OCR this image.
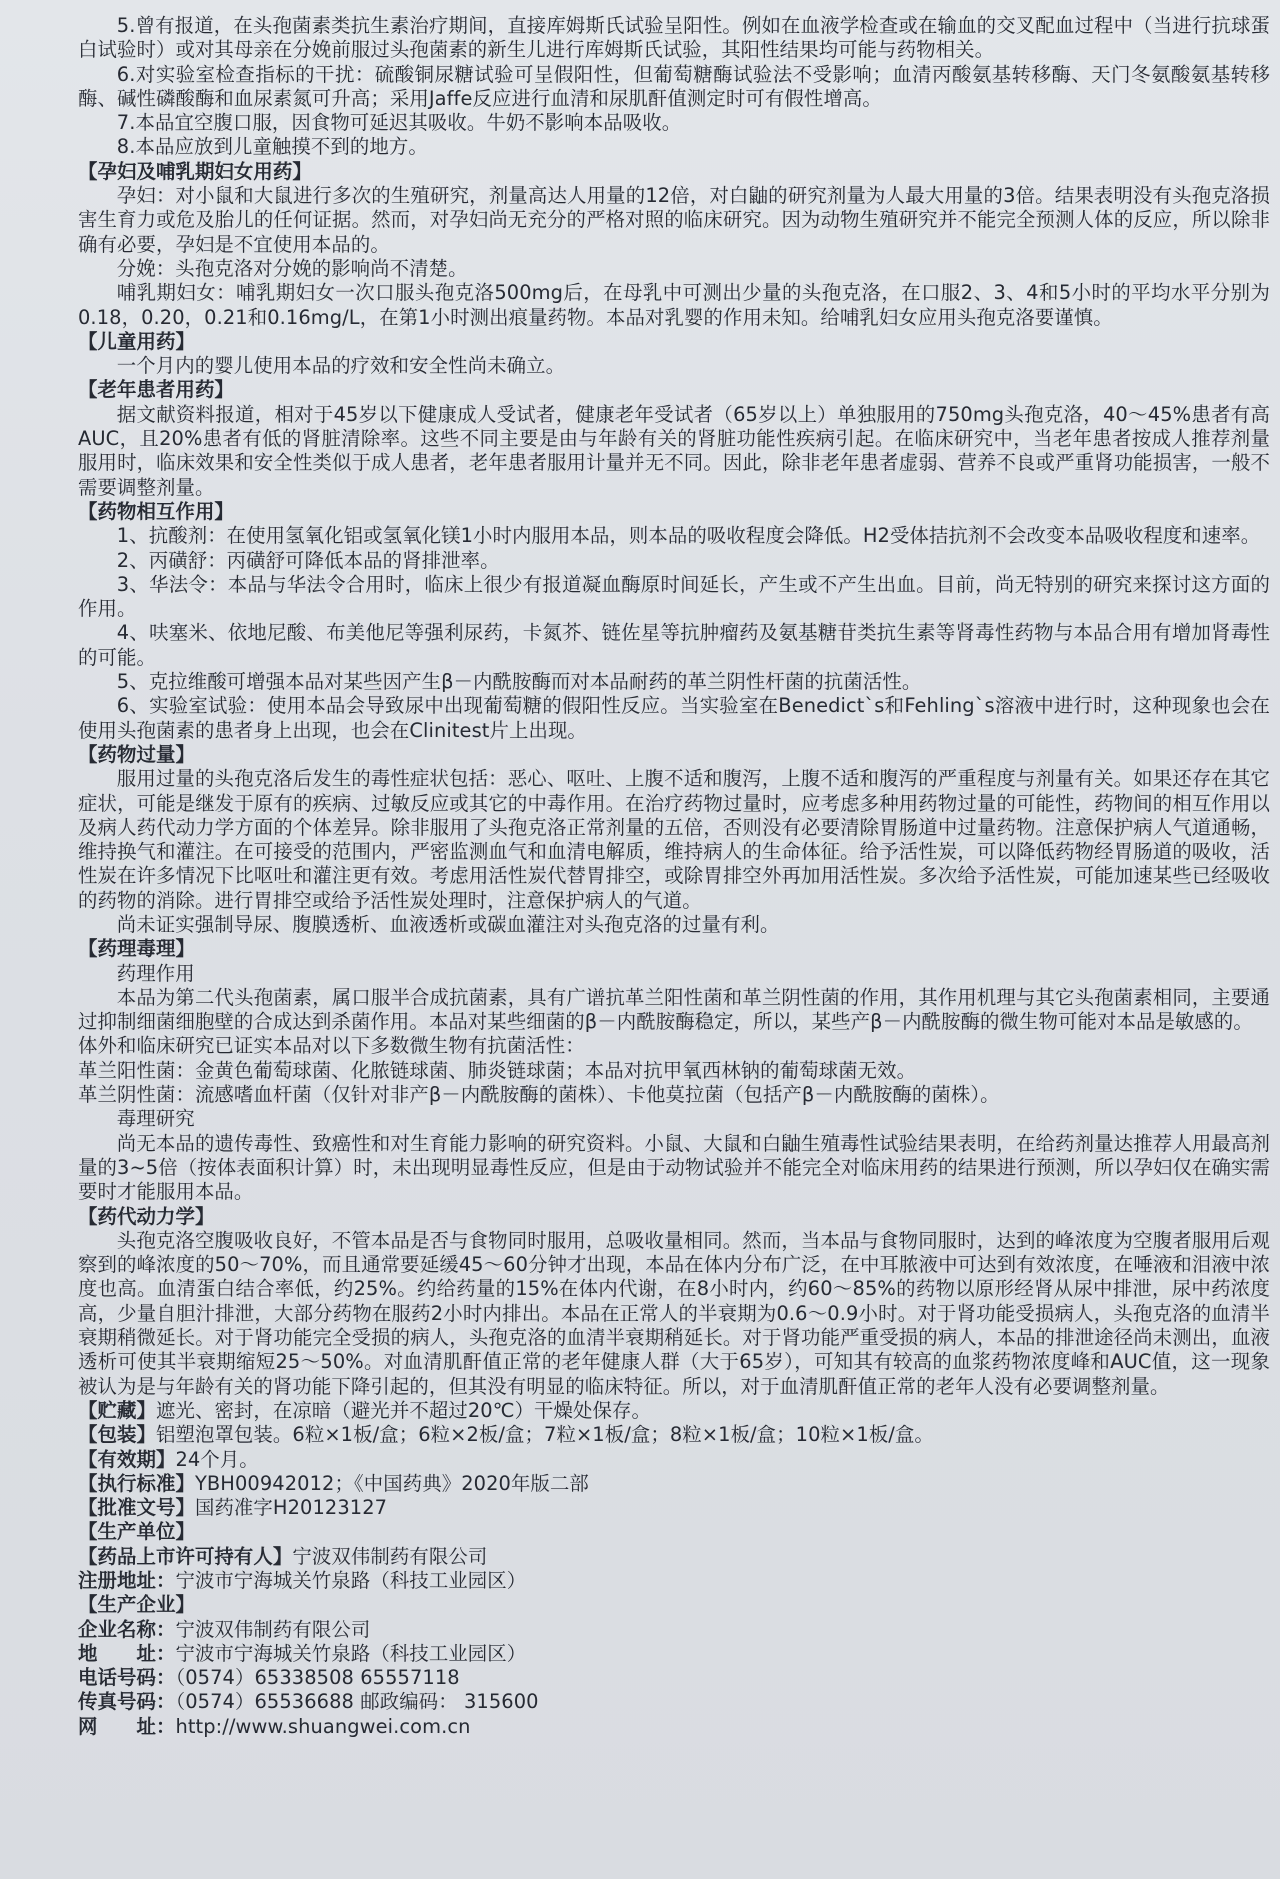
5.曾有报道，在头孢菌素类抗生素治疗期间，直接库姆斯氏试验呈阳性。例如在血液学检查或在输血的交叉配血过程中（当进行抗球蛋白试验时）或对其母亲在分娩前服过头孢菌素的新生儿进行库姆斯氏试验，其阳性结果均可能与药物相关。

6.对实验室检查指标的干扰：硫酸铜尿糖试验可呈假阳性，但葡萄糖酶试验法不受影响；血清丙酸氨基转移酶、天门冬氨酸氨基转移酶、碱性磷酸酶和血尿素氮可升高；采用Jaffe反应进行血清和尿肌酐值测定时可有假性增高。

7.本品宜空腹口服，因食物可延迟其吸收。牛奶不影响本品吸收。

8.本品应放到儿童触摸不到的地方。

【孕妇及哺乳期妇女用药】

孕妇：对小鼠和大鼠进行多次的生殖研究，剂量高达人用量的12倍，对白鼬的研究剂量为人最大用量的3倍。结果表明没有头孢克洛损害生育力或危及胎儿的任何证据。然而，对孕妇尚无充分的严格对照的临床研究。因为动物生殖研究并不能完全预测人体的反应，所以除非确有必要，孕妇是不宜使用本品的。

分娩：头孢克洛对分娩的影响尚不清楚。

哺乳期妇女：哺乳期妇女一次口服头孢克洛500mg后，在母乳中可测出少量的头孢克洛，在口服2、3、4和5小时的平均水平分别为0.18，0.20，0.21和0.16mg/L，在第1小时测出痕量药物。本品对乳婴的作用未知。给哺乳妇女应用头孢克洛要谨慎。

【儿童用药】

一个月内的婴儿使用本品的疗效和安全性尚未确立。

【老年患者用药】

据文献资料报道，相对于45岁以下健康成人受试者，健康老年受试者（65岁以上）单独服用的750mg头孢克洛，40～45%患者有高AUC，且20%患者有低的肾脏清除率。这些不同主要是由与年龄有关的肾脏功能性疾病引起。在临床研究中，当老年患者按成人推荐剂量服用时，临床效果和安全性类似于成人患者，老年患者服用计量并无不同。因此，除非老年患者虚弱、营养不良或严重肾功能损害，一般不需要调整剂量。

【药物相互作用】

1、抗酸剂：在使用氢氧化铝或氢氧化镁1小时内服用本品，则本品的吸收程度会降低。H2受体拮抗剂不会改变本品吸收程度和速率。

2、丙磺舒：丙磺舒可降低本品的肾排泄率。

3、华法令：本品与华法令合用时，临床上很少有报道凝血酶原时间延长，产生或不产生出血。目前，尚无特别的研究来探讨这方面的作用。

4、呋塞米、依地尼酸、布美他尼等强利尿药，卡氮芥、链佐星等抗肿瘤药及氨基糖苷类抗生素等肾毒性药物与本品合用有增加肾毒性的可能。

5、克拉维酸可增强本品对某些因产生β－内酰胺酶而对本品耐药的革兰阴性杆菌的抗菌活性。

6、实验室试验：使用本品会导致尿中出现葡萄糖的假阳性反应。当实验室在Benedict`s和Fehling`s溶液中进行时，这种现象也会在使用头孢菌素的患者身上出现，也会在Clinitest片上出现。

【药物过量】

服用过量的头孢克洛后发生的毒性症状包括：恶心、呕吐、上腹不适和腹泻，上腹不适和腹泻的严重程度与剂量有关。如果还存在其它症状，可能是继发于原有的疾病、过敏反应或其它的中毒作用。在治疗药物过量时，应考虑多种用药物过量的可能性，药物间的相互作用以及病人药代动力学方面的个体差异。除非服用了头孢克洛正常剂量的五倍，否则没有必要清除胃肠道中过量药物。注意保护病人气道通畅，维持换气和灌注。在可接受的范围内，严密监测血气和血清电解质，维持病人的生命体征。给予活性炭，可以降低药物经胃肠道的吸收，活性炭在许多情况下比呕吐和灌注更有效。考虑用活性炭代替胃排空，或除胃排空外再加用活性炭。多次给予活性炭，可能加速某些已经吸收的药物的消除。进行胃排空或给予活性炭处理时，注意保护病人的气道。

尚未证实强制导尿、腹膜透析、血液透析或碳血灌注对头孢克洛的过量有利。

【药理毒理】

药理作用

本品为第二代头孢菌素，属口服半合成抗菌素，具有广谱抗革兰阳性菌和革兰阴性菌的作用，其作用机理与其它头孢菌素相同，主要通过抑制细菌细胞壁的合成达到杀菌作用。本品对某些细菌的β－内酰胺酶稳定，所以，某些产β－内酰胺酶的微生物可能对本品是敏感的。

体外和临床研究已证实本品对以下多数微生物有抗菌活性：

革兰阳性菌：金黄色葡萄球菌、化脓链球菌、肺炎链球菌；本品对抗甲氧西林钠的葡萄球菌无效。

革兰阴性菌：流感嗜血杆菌（仅针对非产β－内酰胺酶的菌株）、卡他莫拉菌（包括产β－内酰胺酶的菌株）。

毒理研究

尚无本品的遗传毒性、致癌性和对生育能力影响的研究资料。小鼠、大鼠和白鼬生殖毒性试验结果表明，在给药剂量达推荐人用最高剂量的3~5倍（按体表面积计算）时，未出现明显毒性反应，但是由于动物试验并不能完全对临床用药的结果进行预测，所以孕妇仅在确实需要时才能服用本品。

【药代动力学】

头孢克洛空腹吸收良好，不管本品是否与食物同时服用，总吸收量相同。然而，当本品与食物同服时，达到的峰浓度为空腹者服用后观察到的峰浓度的50～70%，而且通常要延缓45～60分钟才出现，本品在体内分布广泛，在中耳脓液中可达到有效浓度，在唾液和泪液中浓度也高。血清蛋白结合率低，约25%。约给药量的15%在体内代谢，在8小时内，约60～85%的药物以原形经肾从尿中排泄，尿中药浓度高，少量自胆汁排泄，大部分药物在服药2小时内排出。本品在正常人的半衰期为0.6～0.9小时。对于肾功能受损病人，头孢克洛的血清半衰期稍微延长。对于肾功能完全受损的病人，头孢克洛的血清半衰期稍延长。对于肾功能严重受损的病人，本品的排泄途径尚未测出，血液透析可使其半衰期缩短25～50%。对血清肌酐值正常的老年健康人群（大于65岁），可知其有较高的血浆药物浓度峰和AUC值，这一现象被认为是与年龄有关的肾功能下降引起的，但其没有明显的临床特征。所以，对于血清肌酐值正常的老年人没有必要调整剂量。

【贮藏】遮光、密封，在凉暗（避光并不超过20℃）干燥处保存。

【包装】铝塑泡罩包装。6粒×1板/盒；6粒×2板/盒；7粒×1板/盒；8粒×1板/盒；10粒×1板/盒。

【有效期】24个月。

【执行标准】YBH00942012；《中国药典》2020年版二部

【批准文号】国药准字H20123127

【生产单位】

【药品上市许可持有人】宁波双伟制药有限公司

注册地址：宁波市宁海城关竹泉路（科技工业园区）

【生产企业】

企业名称：宁波双伟制药有限公司

地　　址：宁波市宁海城关竹泉路（科技工业园区）

电话号码：（0574）65338508 65557118

传真号码：（0574）65536688 邮政编码： 315600

网　　址：http://www.shuangwei.com.cn
